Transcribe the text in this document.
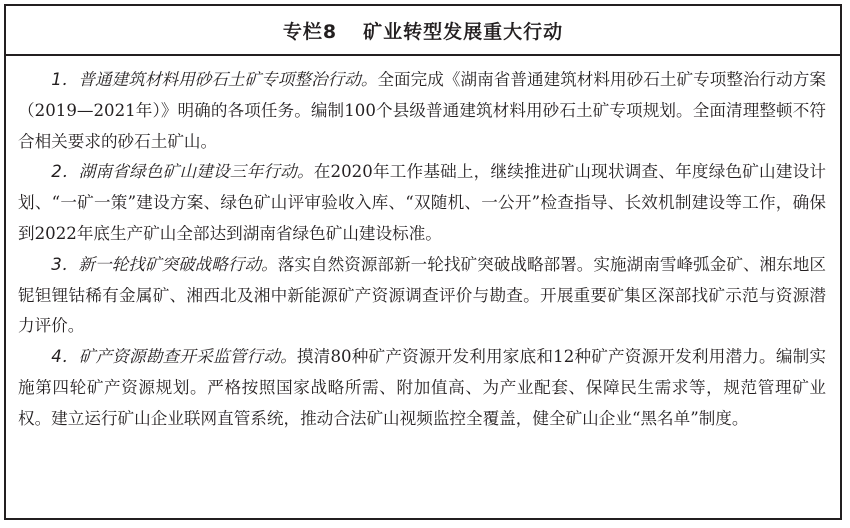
专栏8 矿业转型发展重大行动

1．普通建筑材料用砂石土矿专项整治行动。全面完成《湖南省普通建筑材料用砂石土矿专项整治行动方案（2019—2021年）》明确的各项任务。编制100个县级普通建筑材料用砂石土矿专项规划。全面清理整顿不符合相关要求的砂石土矿山。

2．湖南省绿色矿山建设三年行动。在2020年工作基础上，继续推进矿山现状调查、年度绿色矿山建设计划、“一矿一策”建设方案、绿色矿山评审验收入库、“双随机、一公开”检查指导、长效机制建设等工作，确保到2022年底生产矿山全部达到湖南省绿色矿山建设标准。

3．新一轮找矿突破战略行动。落实自然资源部新一轮找矿突破战略部署。实施湖南雪峰弧金矿、湘东地区铌钽锂钴稀有金属矿、湘西北及湘中新能源矿产资源调查评价与勘查。开展重要矿集区深部找矿示范与资源潜力评价。

4．矿产资源勘查开采监管行动。摸清80种矿产资源开发利用家底和12种矿产资源开发利用潜力。编制实施第四轮矿产资源规划。严格按照国家战略所需、附加值高、为产业配套、保障民生需求等，规范管理矿业权。建立运行矿山企业联网直管系统，推动合法矿山视频监控全覆盖，健全矿山企业“黑名单”制度。
